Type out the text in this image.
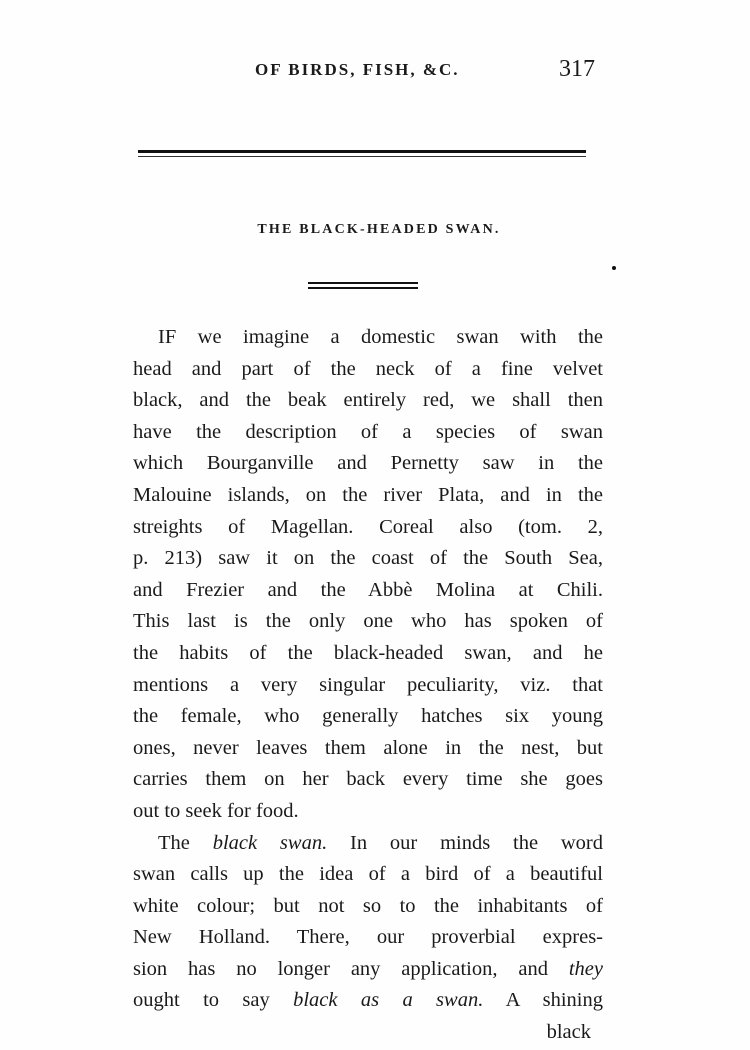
OF BIRDS, FISH, &C.	317
THE BLACK-HEADED SWAN.
IF we imagine a domestic swan with the
head and part of the neck of a fine velvet
black, and the beak entirely red, we shall then
have the description of a species of swan
which Bourganville and Pernetty saw in the
Malouine islands, on the river Plata, and in the
streights of Magellan. Coreal also (tom. 2,
p. 213) saw it on the coast of the South Sea,
and Frezier and the Abbè Molina at Chili.
This last is the only one who has spoken of
the habits of the black-headed swan, and he
mentions a very singular peculiarity, viz. that
the female, who generally hatches six young
ones, never leaves them alone in the nest, but
carries them on her back every time she goes
out to seek for food.
The black swan. In our minds the word
swan calls up the idea of a bird of a beautiful
white colour; but not so to the inhabitants of
New Holland. There, our proverbial expres-
sion has no longer any application, and they
ought to say black as a swan. A shining
black
